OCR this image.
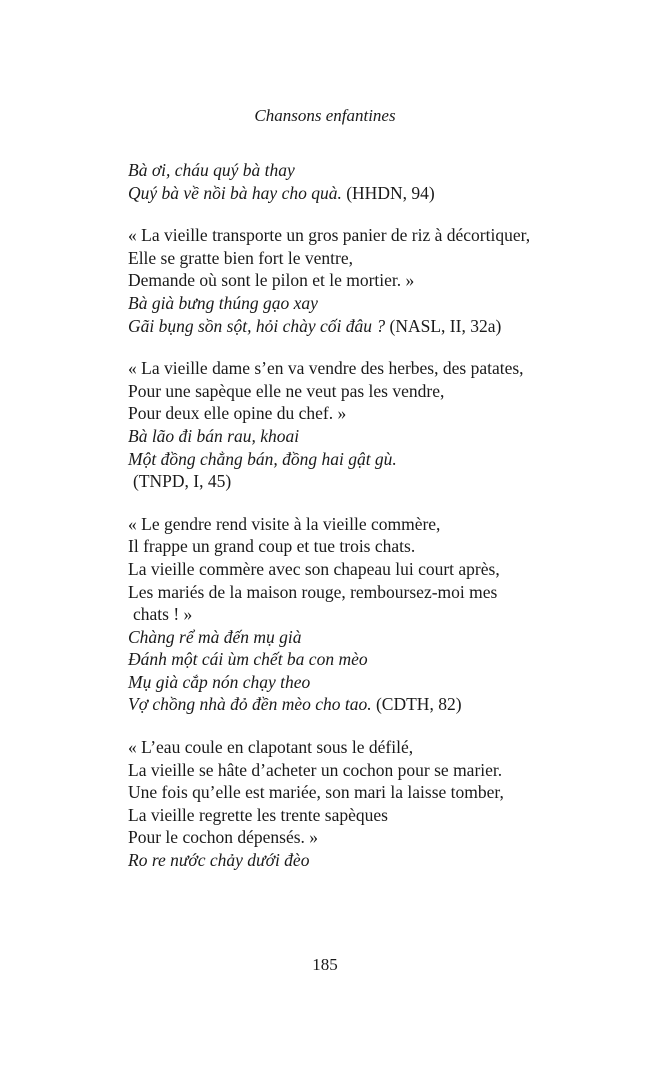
Chansons enfantines
Bà ơi, cháu quý bà thay
Quý bà về nồi bà hay cho quà. (HHDN, 94)
« La vieille transporte un gros panier de riz à décortiquer,
Elle se gratte bien fort le ventre,
Demande où sont le pilon et le mortier. »
Bà già bưng thúng gạo xay
Gãi bụng sồn sột, hỏi chày cối đâu ? (NASL, II, 32a)
« La vieille dame s’en va vendre des herbes, des patates,
Pour une sapèque elle ne veut pas les vendre,
Pour deux elle opine du chef. »
Bà lão đi bán rau, khoai
Một đồng chẳng bán, đồng hai gật gù.
(TNPD, I, 45)
« Le gendre rend visite à la vieille commère,
Il frappe un grand coup et tue trois chats.
La vieille commère avec son chapeau lui court après,
Les mariés de la maison rouge, remboursez-moi mes
chats ! »
Chàng rể mà đến mụ già
Đánh một cái ùm chết ba con mèo
Mụ già cắp nón chạy theo
Vợ chồng nhà đỏ đền mèo cho tao. (CDTH, 82)
« L’eau coule en clapotant sous le défilé,
La vieille se hâte d’acheter un cochon pour se marier.
Une fois qu’elle est mariée, son mari la laisse tomber,
La vieille regrette les trente sapèques
Pour le cochon dépensés. »
Ro re nước chảy dưới đèo
185
